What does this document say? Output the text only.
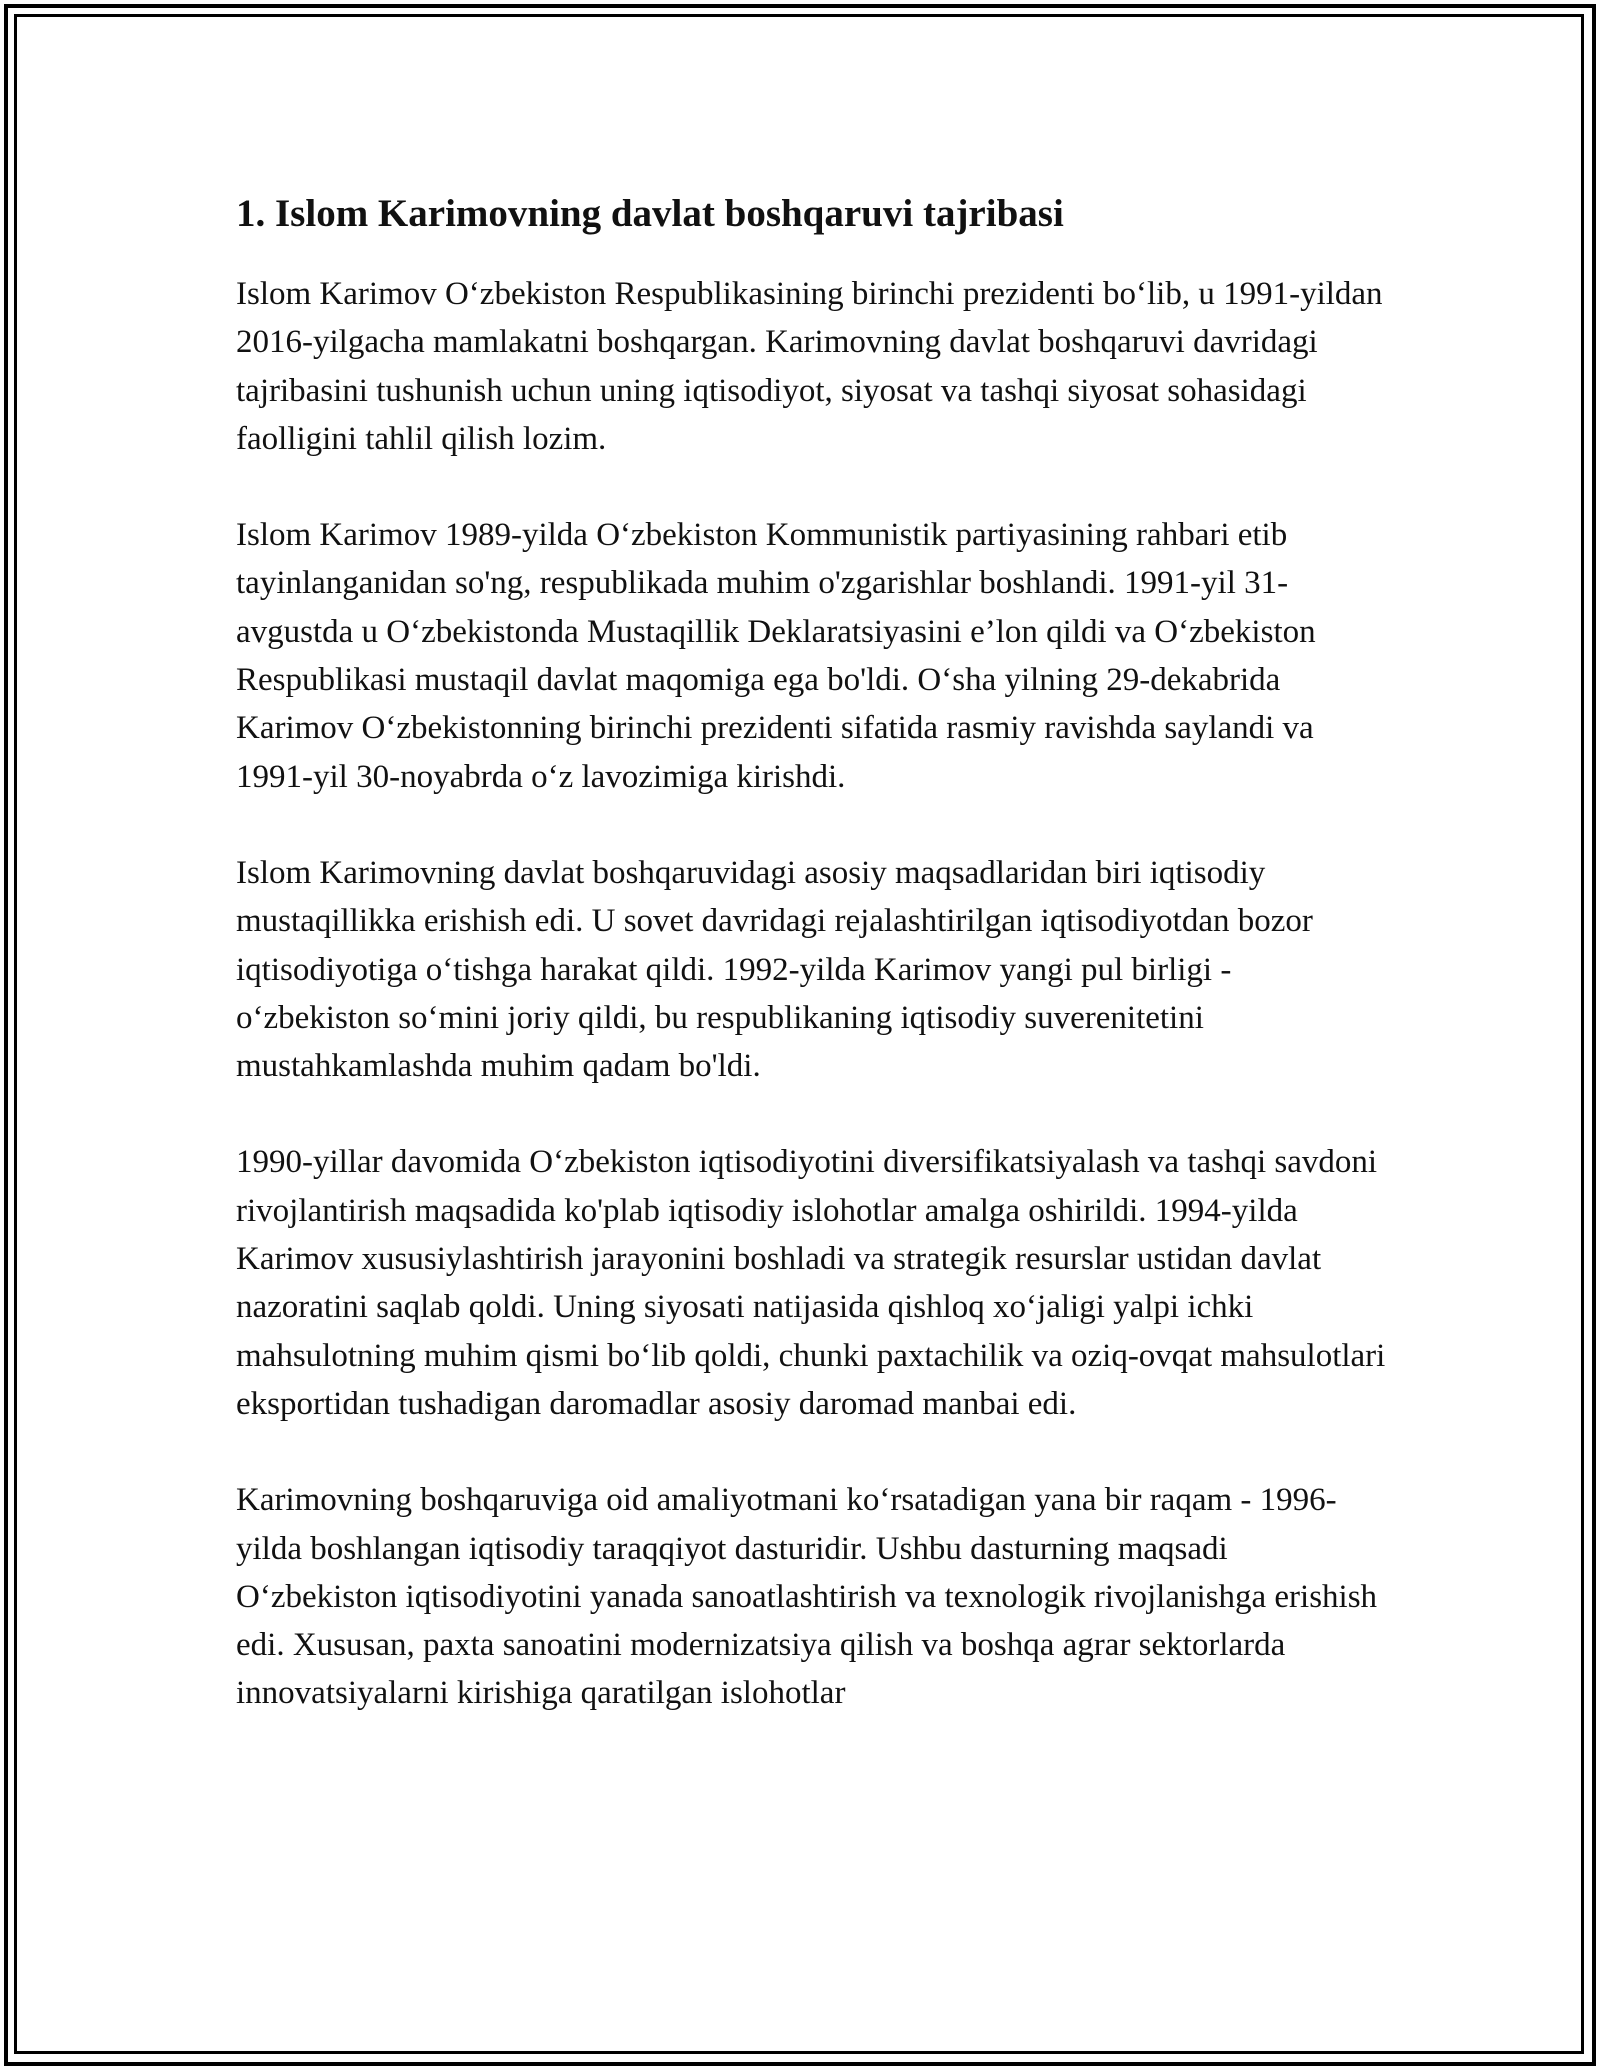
1. Islom Karimovning davlat boshqaruvi tajribasi

Islom Karimov Oʻzbekiston Respublikasining birinchi prezidenti boʻlib, u 1991-yildan 2016-yilgacha mamlakatni boshqargan. Karimovning davlat boshqaruvi davridagi tajribasini tushunish uchun uning iqtisodiyot, siyosat va tashqi siyosat sohasidagi faolligini tahlil qilish lozim.

Islom Karimov 1989-yilda Oʻzbekiston Kommunistik partiyasining rahbari etib tayinlanganidan so'ng, respublikada muhim o'zgarishlar boshlandi. 1991-yil 31-avgustda u Oʻzbekistonda Mustaqillik Deklaratsiyasini e’lon qildi va Oʻzbekiston Respublikasi mustaqil davlat maqomiga ega bo'ldi. Oʻsha yilning 29-dekabrida Karimov Oʻzbekistonning birinchi prezidenti sifatida rasmiy ravishda saylandi va 1991-yil 30-noyabrda oʻz lavozimiga kirishdi.

Islom Karimovning davlat boshqaruvidagi asosiy maqsadlaridan biri iqtisodiy mustaqillikka erishish edi. U sovet davridagi rejalashtirilgan iqtisodiyotdan bozor iqtisodiyotiga oʻtishga harakat qildi. 1992-yilda Karimov yangi pul birligi - oʻzbekiston soʻmini joriy qildi, bu respublikaning iqtisodiy suverenitetini mustahkamlashda muhim qadam bo'ldi.

1990-yillar davomida Oʻzbekiston iqtisodiyotini diversifikatsiyalash va tashqi savdoni rivojlantirish maqsadida ko'plab iqtisodiy islohotlar amalga oshirildi. 1994-yilda Karimov xususiylashtirish jarayonini boshladi va strategik resurslar ustidan davlat nazoratini saqlab qoldi. Uning siyosati natijasida qishloq xoʻjaligi yalpi ichki mahsulotning muhim qismi boʻlib qoldi, chunki paxtachilik va oziq-ovqat mahsulotlari eksportidan tushadigan daromadlar asosiy daromad manbai edi.

Karimovning boshqaruviga oid amaliyotmani koʻrsatadigan yana bir raqam - 1996-yilda boshlangan iqtisodiy taraqqiyot dasturidir. Ushbu dasturning maqsadi Oʻzbekiston iqtisodiyotini yanada sanoatlashtirish va texnologik rivojlanishga erishish edi. Xususan, paxta sanoatini modernizatsiya qilish va boshqa agrar sektorlarda innovatsiyalarni kirishiga qaratilgan islohotlar
